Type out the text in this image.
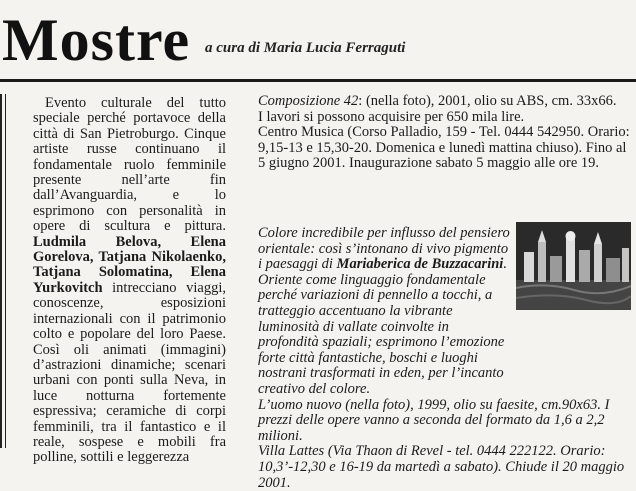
Mostre a cura di Maria Lucia Ferraguti

Evento culturale del tutto speciale perché portavoce della città di San Pietroburgo. Cinque artiste russe continuano il fondamentale ruolo femminile presente nell’arte fin dall’Avanguardia, e lo esprimono con personalità in opere di scultura e pittura. Ludmila Belova, Elena Gorelova, Tatjana Nikolaenko, Tatjana Solomatina, Elena Yurkovitch intrecciano viaggi, conoscenze, esposizioni internazionali con il patrimonio colto e popolare del loro Paese. Così oli animati (immagini) d’astrazioni dinamiche; scenari urbani con ponti sulla Neva, in luce notturna fortemente espressiva; ceramiche di corpi femminili, tra il fantastico e il reale, sospese e mobili fra polline, sottili e leggerezza

Composizione 42: (nella foto), 2001, olio su ABS, cm. 33x66.

I lavori si possono acquisire per 650 mila lire.

Centro Musica (Corso Palladio, 159 - Tel. 0444 542950. Orario: 9,15-13 e 15,30-20. Domenica e lunedì mattina chiuso). Fino al 5 giugno 2001. Inaugurazione sabato 5 maggio alle ore 19.

Colore incredibile per influsso del pensiero orientale: così s’intonano di vivo pigmento i paesaggi di Mariaberica de Buzzacarini. Oriente come linguaggio fondamentale perché variazioni di pennello a tocchi, a tratteggio accentuano la vibrante luminosità di vallate coinvolte in profondità spaziali; esprimono l’emozione forte città fantastiche, boschi e luoghi nostrani trasformati in eden, per l’incanto creativo del colore.

L’uomo nuovo (nella foto), 1999, olio su faesite, cm.90x63. I prezzi delle opere vanno a seconda del formato da 1,6 a 2,2 milioni.

Villa Lattes (Via Thaon di Revel - tel. 0444 222122. Orario: 10,3’-12,30 e 16-19 da martedì a sabato). Chiude il 20 maggio 2001.
